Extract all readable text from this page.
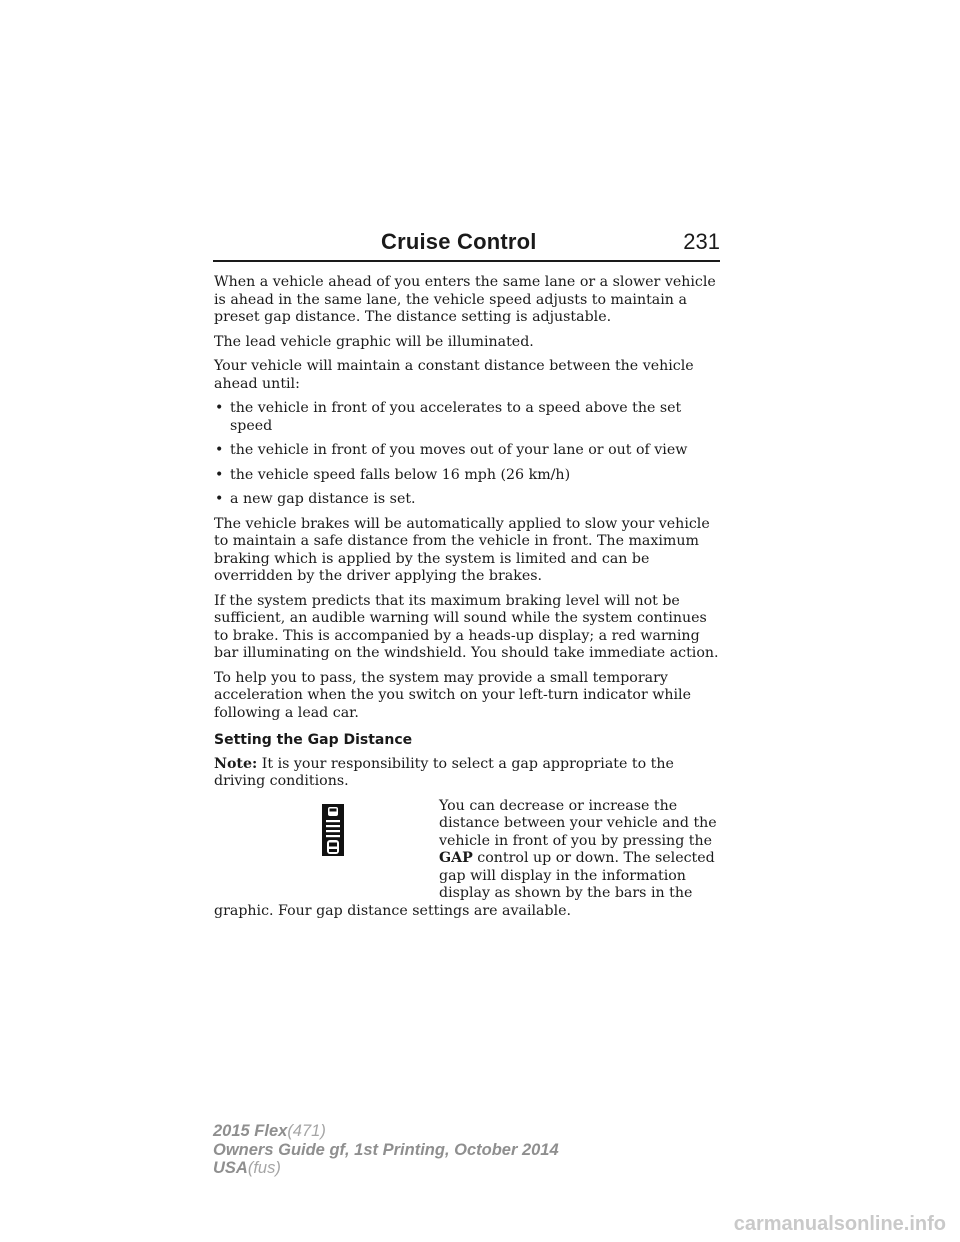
Cruise Control	231

When a vehicle ahead of you enters the same lane or a slower vehicle is ahead in the same lane, the vehicle speed adjusts to maintain a preset gap distance. The distance setting is adjustable.

The lead vehicle graphic will be illuminated.

Your vehicle will maintain a constant distance between the vehicle ahead until:

• the vehicle in front of you accelerates to a speed above the set speed
• the vehicle in front of you moves out of your lane or out of view
• the vehicle speed falls below 16 mph (26 km/h)
• a new gap distance is set.

The vehicle brakes will be automatically applied to slow your vehicle to maintain a safe distance from the vehicle in front. The maximum braking which is applied by the system is limited and can be overridden by the driver applying the brakes.

If the system predicts that its maximum braking level will not be sufficient, an audible warning will sound while the system continues to brake. This is accompanied by a heads-up display; a red warning bar illuminating on the windshield. You should take immediate action.

To help you to pass, the system may provide a small temporary acceleration when the you switch on your left-turn indicator while following a lead car.

Setting the Gap Distance

Note: It is your responsibility to select a gap appropriate to the driving conditions.

You can decrease or increase the distance between your vehicle and the vehicle in front of you by pressing the GAP control up or down. The selected gap will display in the information display as shown by the bars in the graphic. Four gap distance settings are available.

2015 Flex(471)
Owners Guide gf, 1st Printing, October 2014
USA(fus)
carmanualsonline.info
